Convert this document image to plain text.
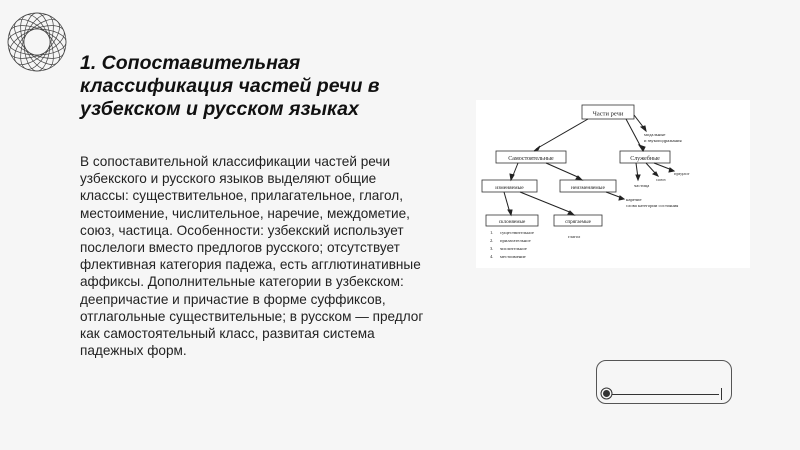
1. Сопоставительная классификация частей речи в узбекском и русском языках

В сопоставительной классификации частей речи узбекского и русского языков выделяют общие классы: существительное, прилагательное, глагол, местоимение, числительное, наречие, междометие, союз, частица. Особенности: узбекский использует послелоги вместо предлогов русского; отсутствует флективная категория падежа, есть агглютинативные аффиксы. Дополнительные категории в узбекском: деепричастие и причастие в форме суффиксов, отглагольные существительные; в русском — предлог как самостоятельный класс, развитая система падежных форм.

Части речи
модальные
и звукоподражания
Самостоятельные	Служебные
изменяемые	неизменяемые
предлог
союз
частица
наречие
слова категории состояния
склоняемые	спрягаемые
глагол
1. существительное
2. прилагательное
3. числительное
4. местоимение
